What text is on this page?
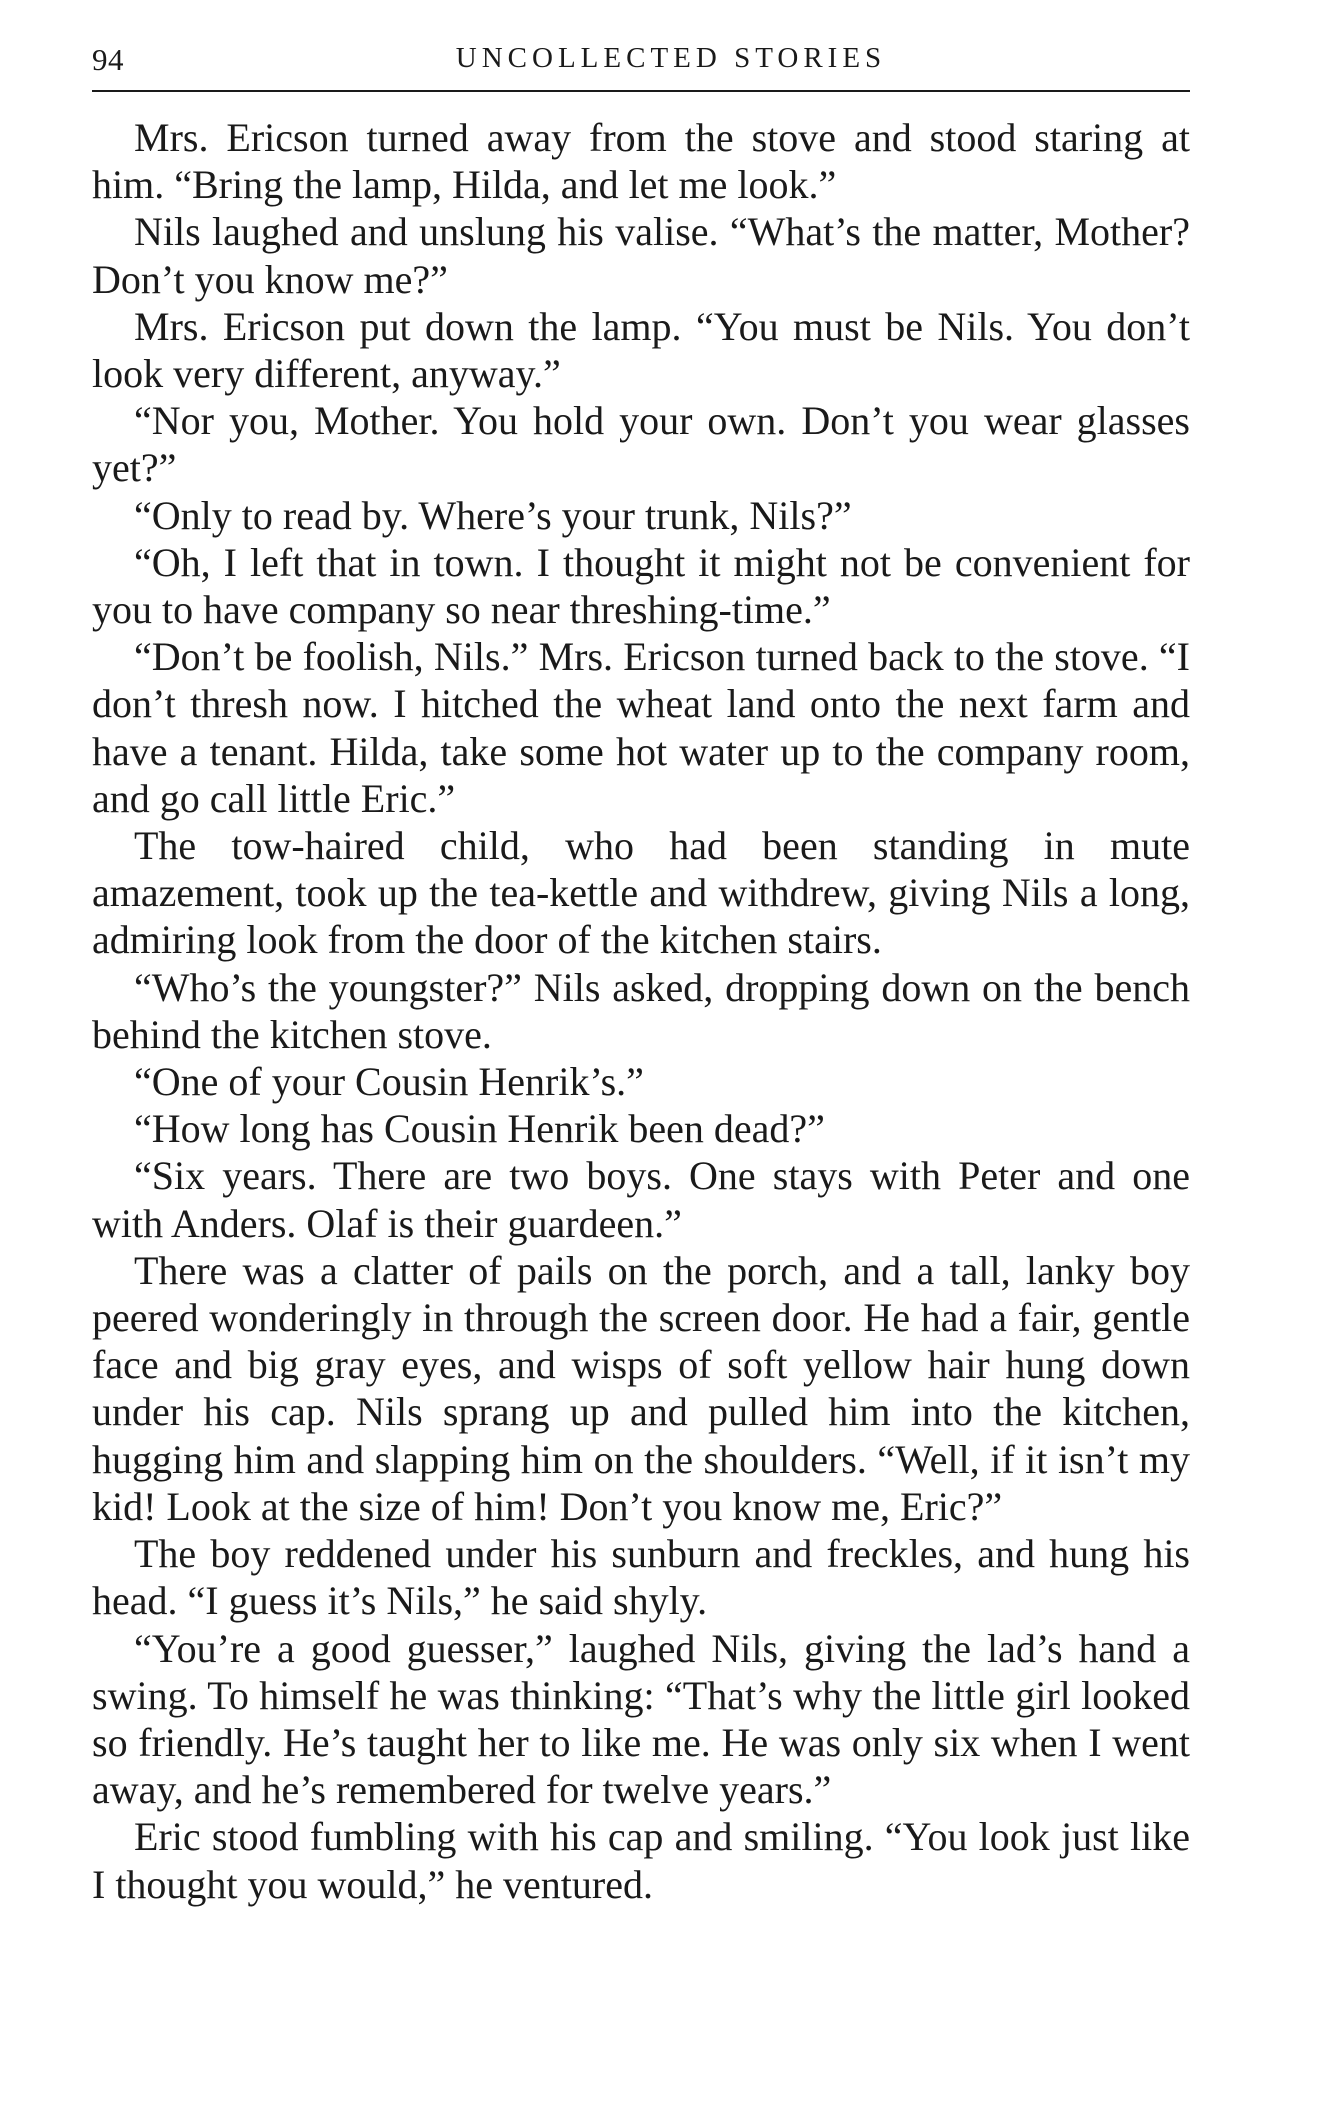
94	UNCOLLECTED STORIES

Mrs. Ericson turned away from the stove and stood staring at him. “Bring the lamp, Hilda, and let me look.”

Nils laughed and unslung his valise. “What’s the matter, Mother? Don’t you know me?”

Mrs. Ericson put down the lamp. “You must be Nils. You don’t look very different, anyway.”

“Nor you, Mother. You hold your own. Don’t you wear glasses yet?”

“Only to read by. Where’s your trunk, Nils?”

“Oh, I left that in town. I thought it might not be convenient for you to have company so near threshing-time.”

“Don’t be foolish, Nils.” Mrs. Ericson turned back to the stove. “I don’t thresh now. I hitched the wheat land onto the next farm and have a tenant. Hilda, take some hot water up to the company room, and go call little Eric.”

The tow-haired child, who had been standing in mute amazement, took up the tea-kettle and withdrew, giving Nils a long, admiring look from the door of the kitchen stairs.

“Who’s the youngster?” Nils asked, dropping down on the bench behind the kitchen stove.

“One of your Cousin Henrik’s.”

“How long has Cousin Henrik been dead?”

“Six years. There are two boys. One stays with Peter and one with Anders. Olaf is their guardeen.”

There was a clatter of pails on the porch, and a tall, lanky boy peered wonderingly in through the screen door. He had a fair, gentle face and big gray eyes, and wisps of soft yellow hair hung down under his cap. Nils sprang up and pulled him into the kitchen, hugging him and slapping him on the shoulders. “Well, if it isn’t my kid! Look at the size of him! Don’t you know me, Eric?”

The boy reddened under his sunburn and freckles, and hung his head. “I guess it’s Nils,” he said shyly.

“You’re a good guesser,” laughed Nils, giving the lad’s hand a swing. To himself he was thinking: “That’s why the little girl looked so friendly. He’s taught her to like me. He was only six when I went away, and he’s remembered for twelve years.”

Eric stood fumbling with his cap and smiling. “You look just like I thought you would,” he ventured.
